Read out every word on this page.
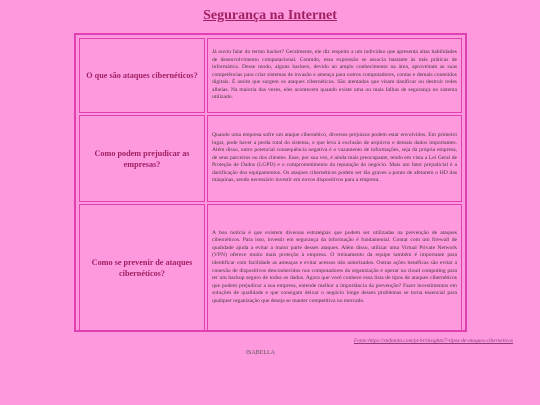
Segurança na Internet
O que são ataques cibernéticos?	Já ouviu falar do termo hacker? Geralmente, ele diz respeito a um indivíduo que apresenta altas habilidades de desenvolvimento computacional. Contudo, essa expressão se associa bastante às más práticas de informática. Desse modo, alguns hackers, devido ao amplo conhecimento na área, aproveitam as suas competências para criar sistemas de invasão e ameaça para outros computadores, contas e demais conteúdos digitais. É assim que surgem os ataques cibernéticos. São atentados que visam danificar ou destruir redes alheias. Na maioria das vezes, eles acontecem quando existe uma ou mais falhas de segurança no sistema utilizado.
Como podem prejudicar as empresas?	Quando uma empresa sofre um ataque cibernético, diversos prejuízos podem estar envolvidos. Em primeiro lugar, pode haver a perda total do sistema, o que leva à exclusão de arquivos e demais dados importantes. Além disso, outro potencial consequência negativa é o vazamento de informações, seja da própria empresa, de seus parceiros ou dos clientes. Esse, por sua vez, é ainda mais preocupante, tendo em vista a Lei Geral de Proteção de Dados (LGPD) e o comprometimento da reputação do negócio. Mais um fator prejudicial é a danificação dos equipamentos. Os ataques cibernéticos podem ser tão graves a ponto de afetarem o HD das máquinas, sendo necessário investir em novos dispositivos para a empresa.
Como se prevenir de ataques cibernéticos?	A boa notícia é que existem diversas estratégias que podem ser utilizadas na prevenção de ataques cibernéticos. Para isso, investir em segurança da informação é fundamental. Contar com um firewall de qualidade ajuda a evitar a maior parte desses ataques. Além disso, utilizar uma Virtual Private Network (VPN) oferece muito mais proteção à empresa. O treinamento da equipe também é importante para identificar com facilidade as ameaças e evitar acessos não autorizados. Outras ações benéficas são evitar a conexão de dispositivos desconhecidos nos computadores da organização e operar na cloud computing para ter um backup seguro de todos os dados. Agora que você conhece essa lista de tipos de ataques cibernéticos que podem prejudicar a sua empresa, entende melhor a importância da prevenção? Fazer investimentos em soluções de qualidade e que consigam deixar o negócio longe desses problemas se torna essencial para qualquer organização que deseja se manter competitiva no mercado.
Fonte:https://stefanini.com/pt-br/insights/7-tipos-de-ataques-ciberneticos
ISABELLA
